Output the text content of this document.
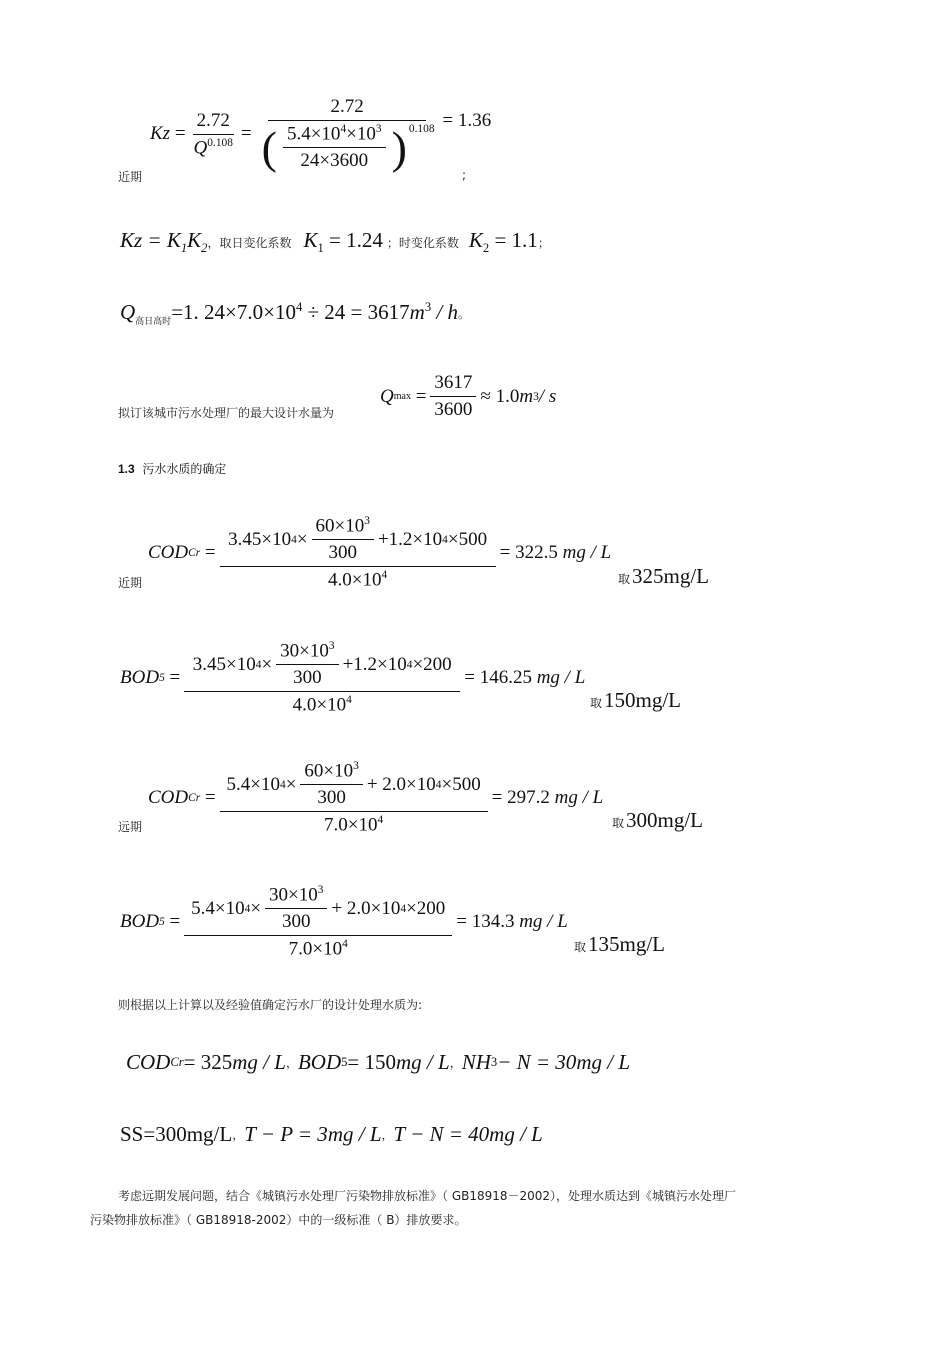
近期
$Kz = \frac{2.72}{Q^{0.108}}$ =
2.72
( $\frac{5.4\times 10^4\times 10^3}{24\times 3600} )^{0.108} = 1.36$
;
$Kz = K_1K_2$ ，取日变化系数 $K_1 = 1.24$ ；时变化系数 $K_2 = 1.1$ ；
$Q_{高日高时}=1$. $24\times 7.0\times 10^4 \div 24 = 3617m^3 / h$ 。
拟订该城市污水处理厂的最大设计水量为
Q $\max = \frac{3617}{3600} \approx 1.0$ m 3 / s
1.3 污水水质的确定
近期
COD $Cr = \frac{3.45\times 10 4 \times \frac{60\times 10^3}{300} +1.2\times 10 4 \times 500}{4.0\times 10^4} = 322.5$
mg / L
取325mg/L
BOD $5 = \frac{3.45\times 10 4 \times \frac{30\times 10^3}{300} +1.2\times 10 4 \times 200}{4.0\times 10^4} = 146.25$
mg / L
取150mg/L
远期
COD $Cr = \frac{5.4\times 10 4 \times \frac{60\times 10^3}{300} + 2.0\times 10 4 \times 500}{7.0\times 10^4} = 297.2$
mg / L
取300mg/L
BOD $5 = \frac{5.4\times 10 4 \times \frac{30\times 10^3}{300} + 2.0\times 10 4 \times 200}{7.0\times 10^4} = 134.3$
mg / L
取135mg/L
则根据以上计算以及经验值确定污水厂的设计处理水质为:
COD Cr = 325 mg / L ， BOD 5 = 150 mg / L ， NH 3 − N = 30 mg / L
SS=300mg/L ， T − P = 3 mg / L ， T − N = 40 mg / L
考虑远期发展问题，结合《城镇污水处理厂污染物排放标准》（ GB18918－2002），处理水质达到《城镇污水处理厂
污染物排放标准》（ GB18918-2002）中的一级标准（ B）排放要求。
